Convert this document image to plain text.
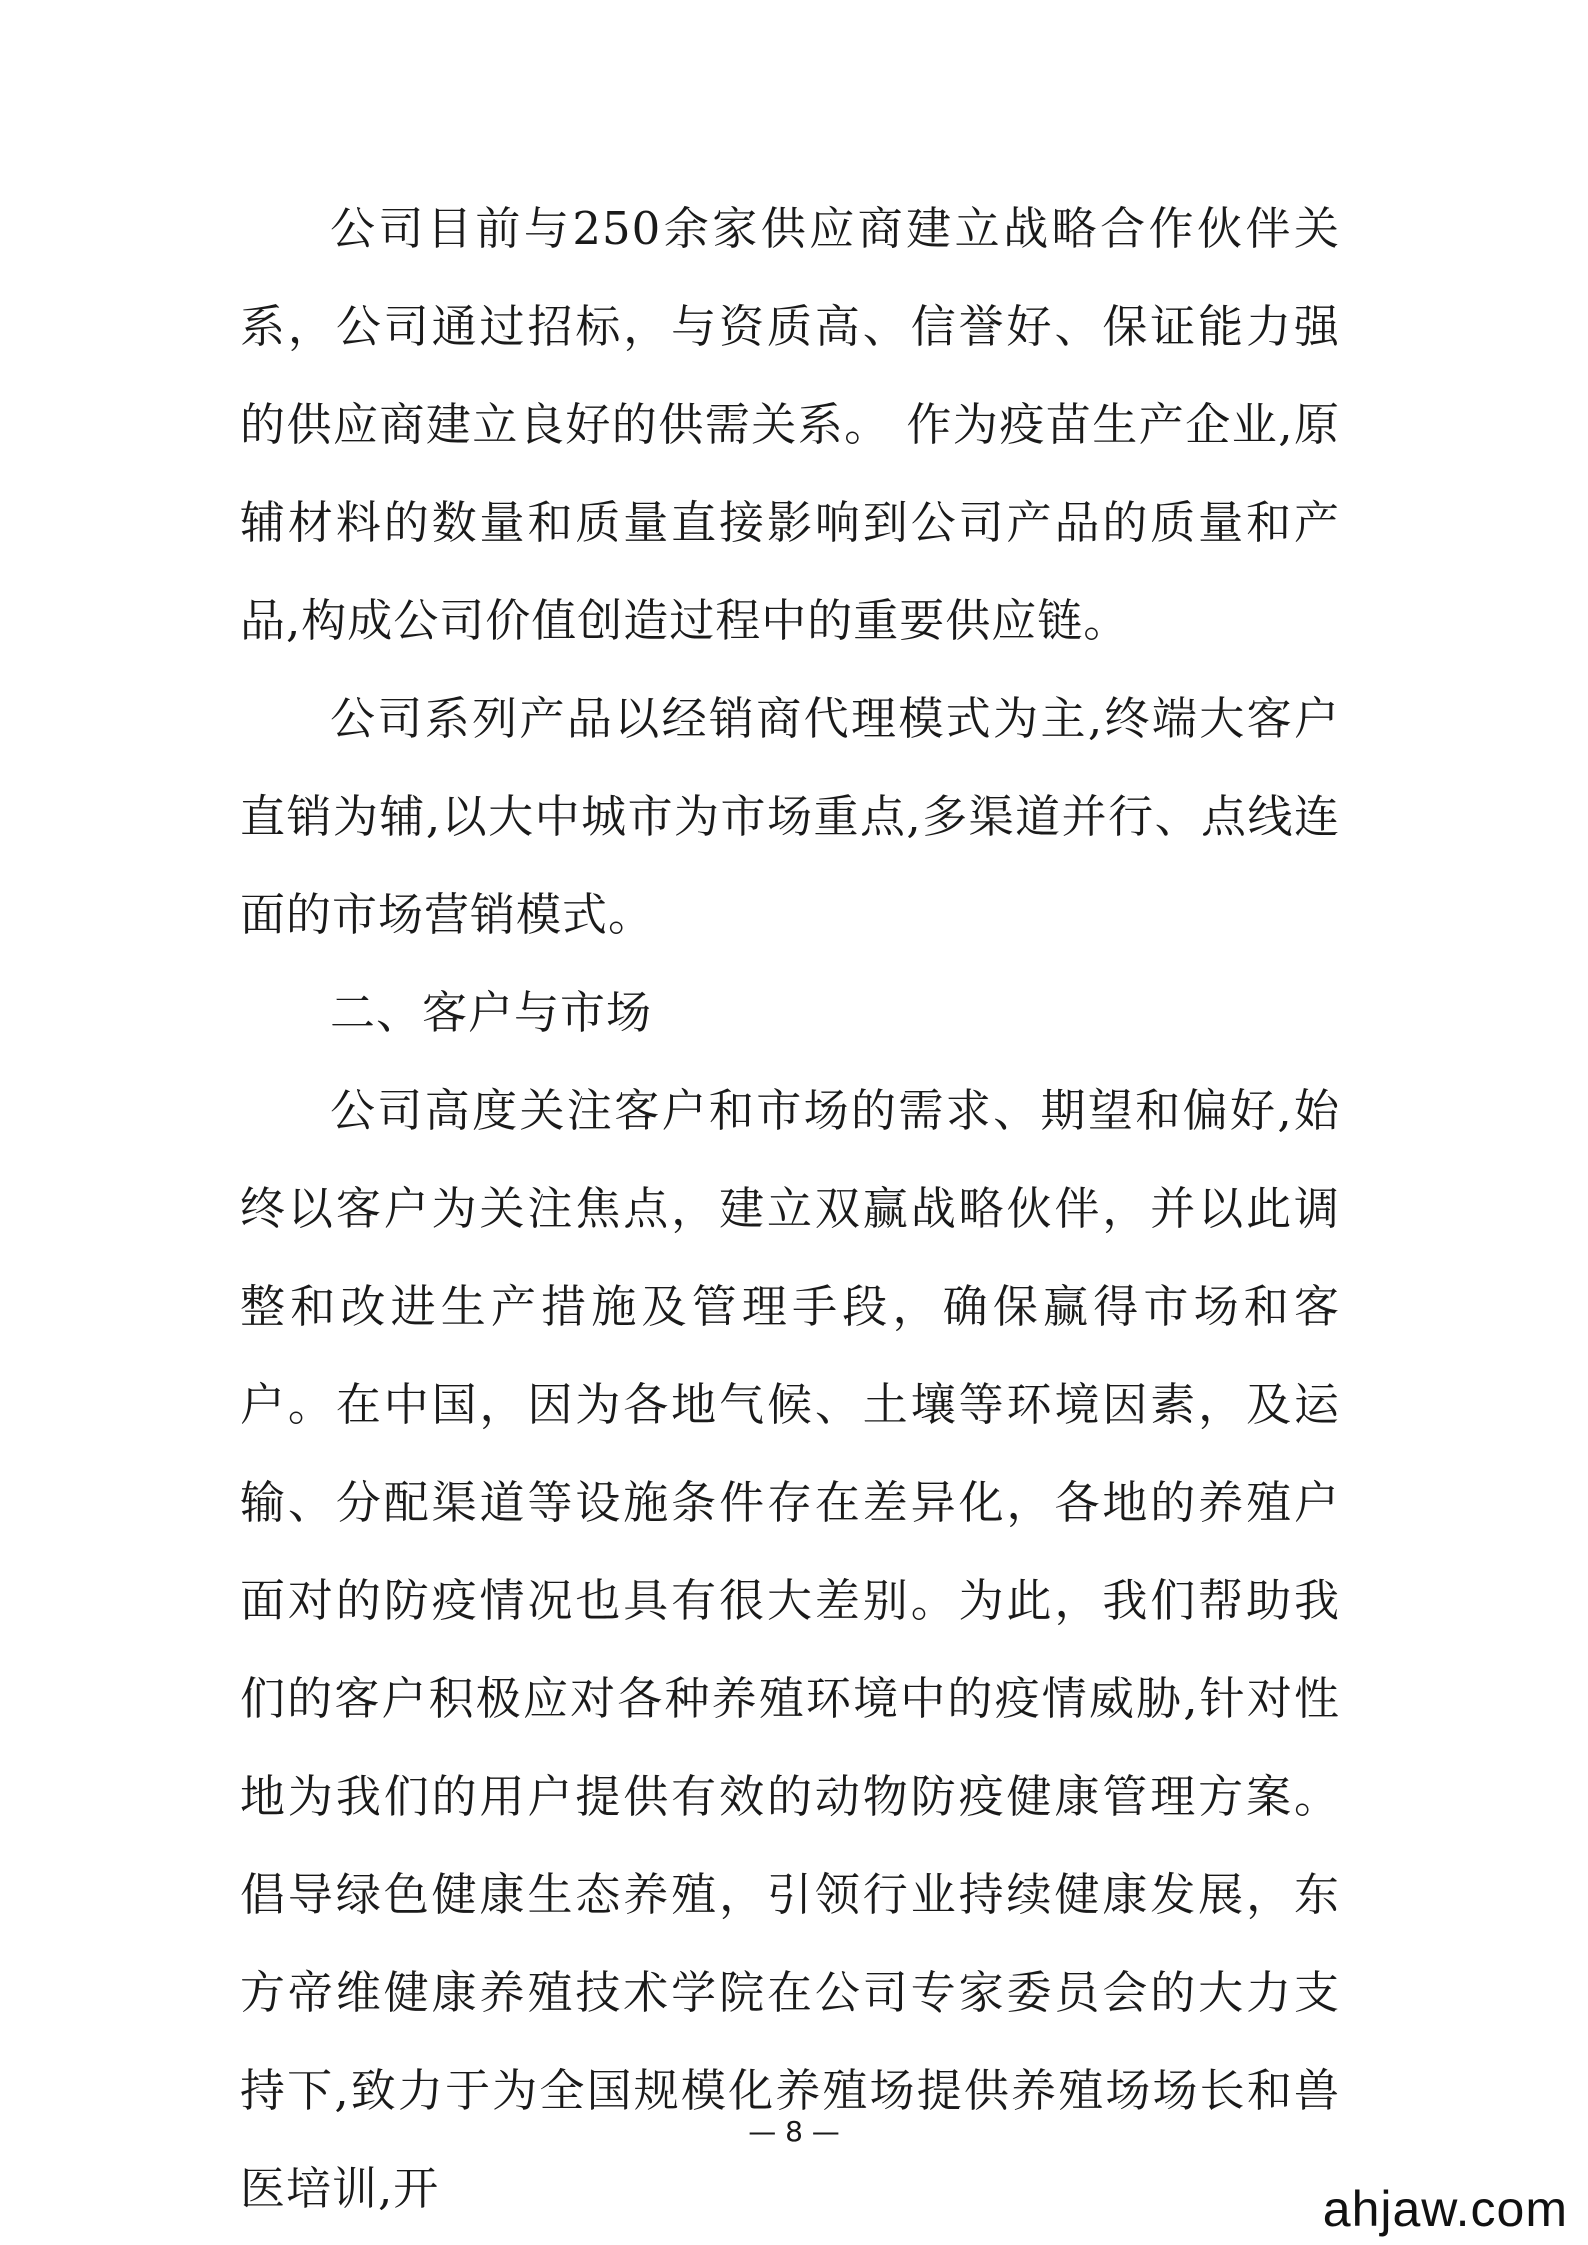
公司目前与250余家供应商建立战略合作伙伴关系，公司通过招标，与资质高、信誉好、保证能力强的供应商建立良好的供需关系。 作为疫苗生产企业,原辅材料的数量和质量直接影响到公司产品的质量和产品,构成公司价值创造过程中的重要供应链。

公司系列产品以经销商代理模式为主,终端大客户直销为辅,以大中城市为市场重点,多渠道并行、点线连面的市场营销模式。

二、客户与市场

公司高度关注客户和市场的需求、期望和偏好,始终以客户为关注焦点，建立双赢战略伙伴，并以此调整和改进生产措施及管理手段，确保赢得市场和客户。在中国，因为各地气候、土壤等环境因素，及运输、分配渠道等设施条件存在差异化，各地的养殖户面对的防疫情况也具有很大差别。为此，我们帮助我们的客户积极应对各种养殖环境中的疫情威胁,针对性地为我们的用户提供有效的动物防疫健康管理方案。倡导绿色健康生态养殖，引领行业持续健康发展，东方帝维健康养殖技术学院在公司专家委员会的大力支持下,致力于为全国规模化养殖场提供养殖场场长和兽医培训,开

— 8 —
ahjaw.com
